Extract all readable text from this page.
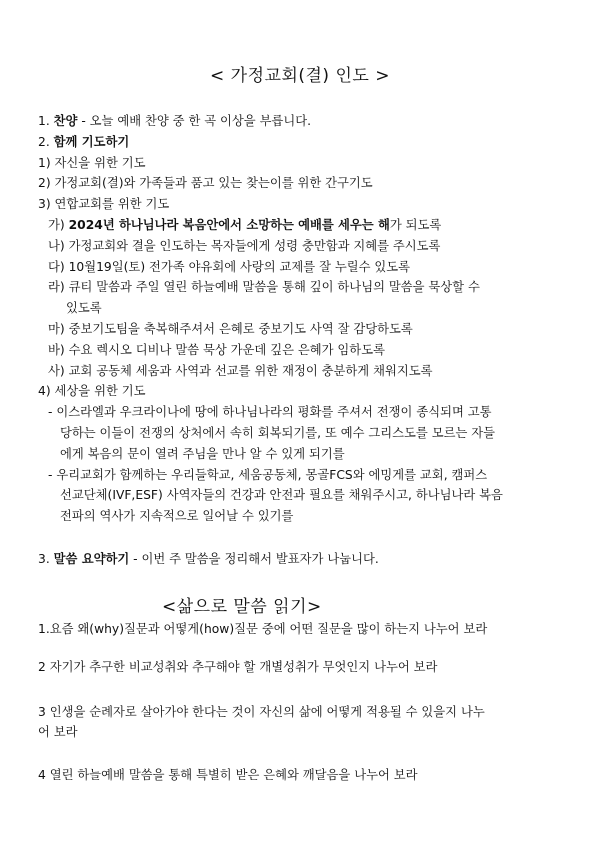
< 가정교회(결) 인도 >
1. 찬양 - 오늘 예배 찬양 중 한 곡 이상을 부릅니다.
2. 함께 기도하기
1) 자신을 위한 기도
2) 가정교회(결)와 가족들과 품고 있는 찾는이를 위한 간구기도
3) 연합교회를 위한 기도
가) 2024년 하나님나라 복음안에서 소망하는 예배를 세우는 해가 되도록
나) 가정교회와 결을 인도하는 목자들에게 성령 충만함과 지혜를 주시도록
다) 10월19일(토) 전가족 야유회에 사랑의 교제를 잘 누릴수 있도록
라) 큐티 말씀과 주일 열린 하늘예배 말씀을 통해 깊이 하나님의 말씀을 묵상할 수
있도록
마) 중보기도팀을 축복해주셔서 은혜로 중보기도 사역 잘 감당하도록
바) 수요 렉시오 디비나 말씀 묵상 가운데 깊은 은혜가 임하도록
사) 교회 공동체 세움과 사역과 선교를 위한 재정이 충분하게 채워지도록
4) 세상을 위한 기도
- 이스라엘과 우크라이나에 땅에 하나님나라의 평화를 주셔서 전쟁이 종식되며 고통
당하는 이들이 전쟁의 상처에서 속히 회복되기를, 또 예수 그리스도를 모르는 자들
에게 복음의 문이 열려 주님을 만나 알 수 있게 되기를
- 우리교회가 함께하는 우리들학교, 세움공동체, 몽골FCS와 에밍게를 교회, 캠퍼스
선교단체(IVF,ESF) 사역자들의 건강과 안전과 필요를 채워주시고, 하나님나라 복음
전파의 역사가 지속적으로 일어날 수 있기를
3. 말씀 요약하기 - 이번 주 말씀을 정리해서 발표자가 나눕니다.
<삶으로 말씀 읽기>
1.요즘 왜(why)질문과 어떻게(how)질문 중에 어떤 질문을 많이 하는지 나누어 보라
2 자기가 추구한 비교성취와 추구해야 할 개별성취가 무엇인지 나누어 보라
3 인생을 순례자로 살아가야 한다는 것이 자신의 삶에 어떻게 적용될 수 있을지 나누
어 보라
4 열린 하늘예배 말씀을 통해 특별히 받은 은혜와 깨달음을 나누어 보라
